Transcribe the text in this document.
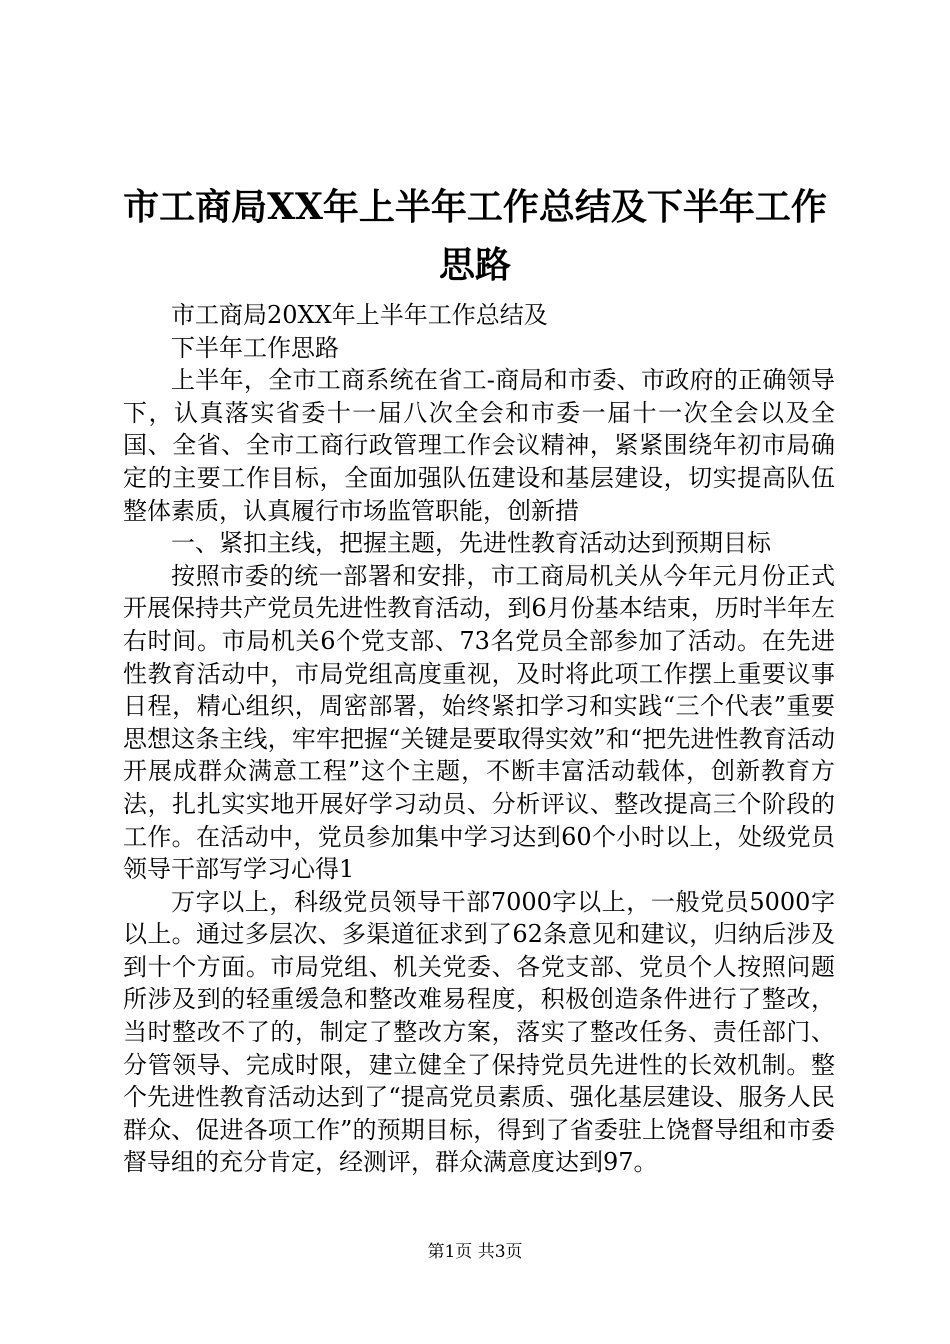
市工商局XX年上半年工作总结及下半年工作
思路

市工商局20XX年上半年工作总结及

下半年工作思路

上半年，全市工商系统在省工-商局和市委、市政府的正确领导下，认真落实省委十一届八次全会和市委一届十一次全会以及全国、全省、全市工商行政管理工作会议精神，紧紧围绕年初市局确定的主要工作目标，全面加强队伍建设和基层建设，切实提高队伍整体素质，认真履行市场监管职能，创新措

一、紧扣主线，把握主题，先进性教育活动达到预期目标

按照市委的统一部署和安排，市工商局机关从今年元月份正式开展保持共产党员先进性教育活动，到6月份基本结束，历时半年左右时间。市局机关6个党支部、73名党员全部参加了活动。在先进性教育活动中，市局党组高度重视，及时将此项工作摆上重要议事日程，精心组织，周密部署，始终紧扣学习和实践“三个代表”重要思想这条主线，牢牢把握“关键是要取得实效”和“把先进性教育活动开展成群众满意工程”这个主题，不断丰富活动载体，创新教育方法，扎扎实实地开展好学习动员、分析评议、整改提高三个阶段的工作。在活动中，党员参加集中学习达到60个小时以上，处级党员领导干部写学习心得1

万字以上，科级党员领导干部7000字以上，一般党员5000字以上。通过多层次、多渠道征求到了62条意见和建议，归纳后涉及到十个方面。市局党组、机关党委、各党支部、党员个人按照问题所涉及到的轻重缓急和整改难易程度，积极创造条件进行了整改，当时整改不了的，制定了整改方案，落实了整改任务、责任部门、分管领导、完成时限，建立健全了保持党员先进性的长效机制。整个先进性教育活动达到了“提高党员素质、强化基层建设、服务人民群众、促进各项工作”的预期目标，得到了省委驻上饶督导组和市委督导组的充分肯定，经测评，群众满意度达到97。

第1页 共3页
